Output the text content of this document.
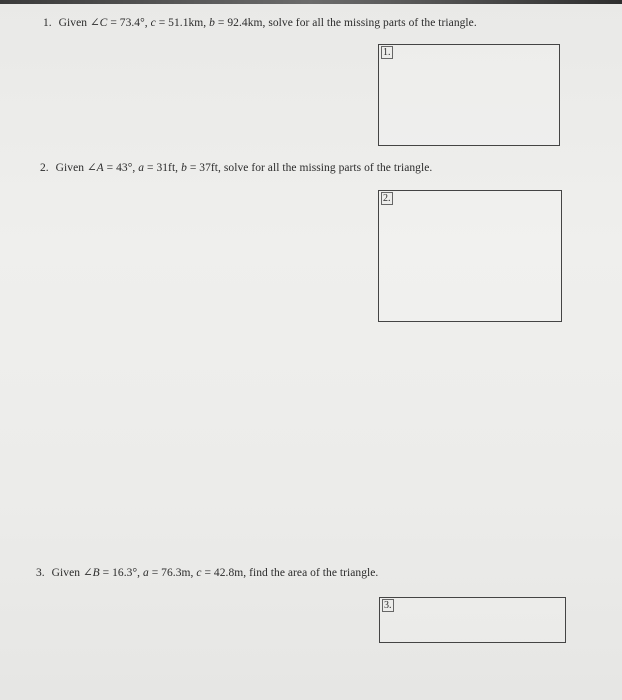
1. Given ∠C = 73.4°, c = 51.1km, b = 92.4km, solve for all the missing parts of the triangle.
1.
2. Given ∠A = 43°, a = 31ft, b = 37ft, solve for all the missing parts of the triangle.
2.
3. Given ∠B = 16.3°, a = 76.3m, c = 42.8m, find the area of the triangle.
3.
